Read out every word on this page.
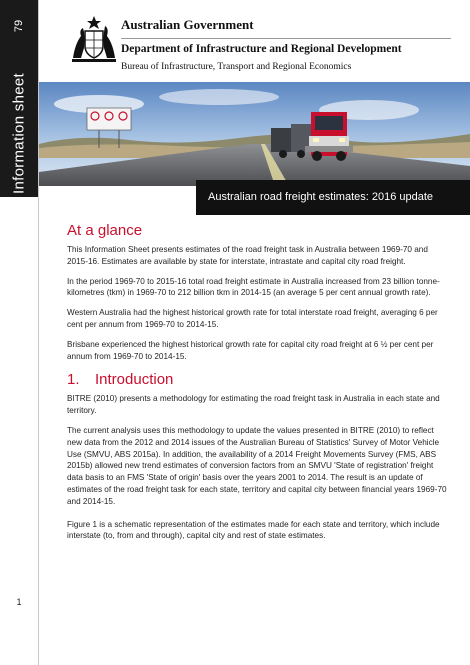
79
Information sheet
1
Australian Government
Department of Infrastructure and Regional Development
Bureau of Infrastructure, Transport and Regional Economics
Australian road freight estimates: 2016 update
At a glance

This Information Sheet presents estimates of the road freight task in Australia between 1969-70 and 2015-16. Estimates are available by state for interstate, intrastate and capital city road freight.

In the period 1969-70 to 2015-16 total road freight estimate in Australia increased from 23 billion tonne-kilometres (tkm) in 1969-70 to 212 billion tkm in 2014-15 (an average 5 per cent annual growth rate).

Western Australia had the highest historical growth rate for total interstate road freight, averaging 6 per cent per annum from 1969-70 to 2014-15.

Brisbane experienced the highest historical growth rate for capital city road freight at 6 ½ per cent per annum from 1969-70 to 2014-15.

1. Introduction

BITRE (2010) presents a methodology for estimating the road freight task in Australia in each state and territory.

The current analysis uses this methodology to update the values presented in BITRE (2010) to reflect new data from the 2012 and 2014 issues of the Australian Bureau of Statistics' Survey of Motor Vehicle Use (SMVU, ABS 2015a). In addition, the availability of a 2014 Freight Movements Survey (FMS, ABS 2015b) allowed new trend estimates of conversion factors from an SMVU 'State of registration' freight data basis to an FMS 'State of origin' basis over the years 2001 to 2014. The result is an update of estimates of the road freight task for each state, territory and capital city between financial years 1969-70 and 2014-15.

Figure 1 is a schematic representation of the estimates made for each state and territory, which include interstate (to, from and through), capital city and rest of state estimates.
